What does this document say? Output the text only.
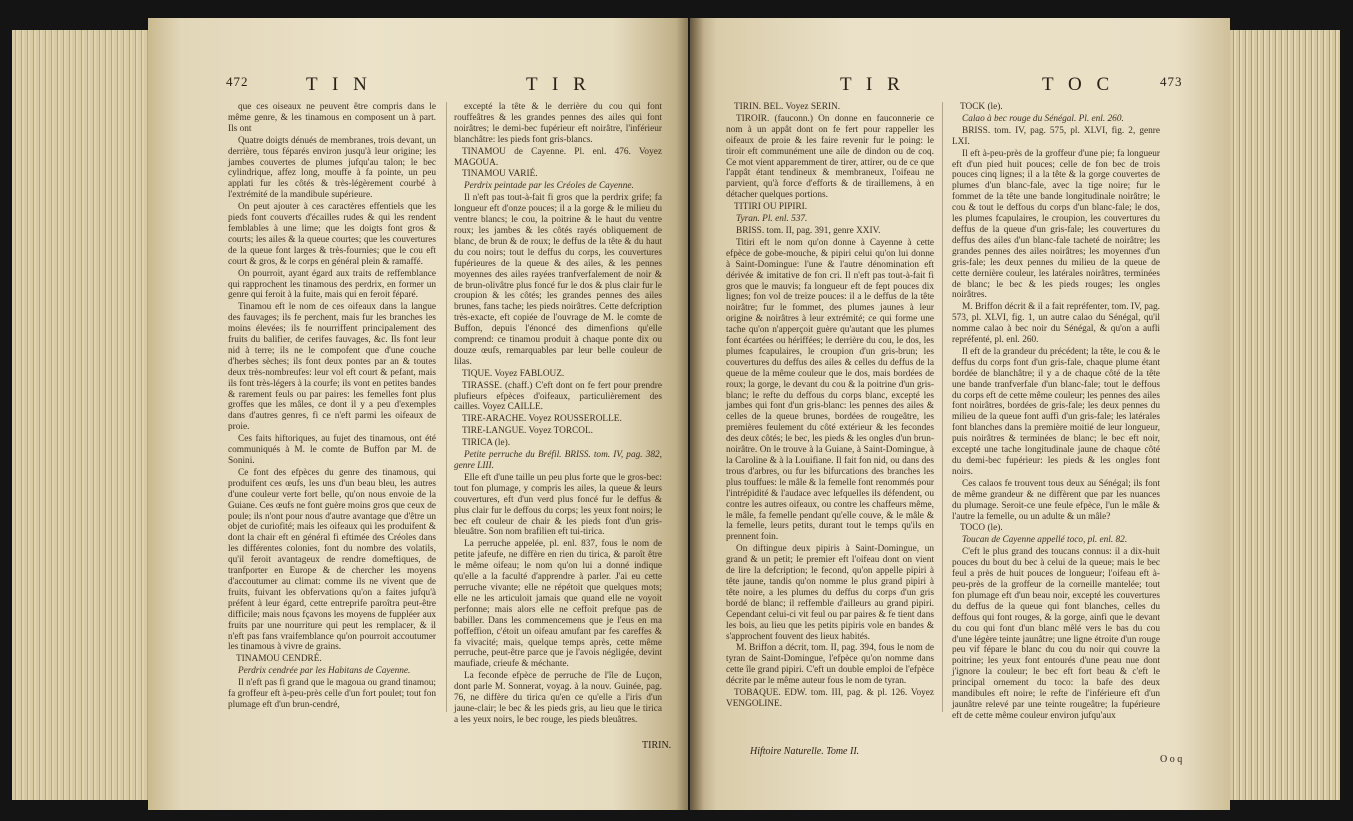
472	T I N	T I R

que ces oiseaux ne peuvent être compris dans le même genre, & les tinamous en composent un à part. Ils ont

Quatre doigts dénués de membranes, trois devant, un derrière, tous féparés environ jusqu'à leur origine; les jambes couvertes de plumes jufqu'au talon; le bec cylindrique, affez long, mouffe à fa pointe, un peu applati fur les côtés & très-légèrement courbé à l'extrémité de la mandibule supérieure.

On peut ajouter à ces caractères effentiels que les pieds font couverts d'écailles rudes & qui les rendent femblables à une lime; que les doigts font gros & courts; les ailes & la queue courtes; que les couvertures de la queue font larges & très-fournies; que le cou eft court & gros, & le corps en général plein & ramaffé.

On pourroit, ayant égard aux traits de reffemblance qui rapprochent les tinamous des perdrix, en former un genre qui feroit à la fuite, mais qui en feroit féparé.

Tinamou eft le nom de ces oifeaux dans la langue des fauvages; ils fe perchent, mais fur les branches les moins élevées; ils fe nourriffent principalement des fruits du balifier, de cerifes fauvages, &c. Ils font leur nid à terre; ils ne le compofent que d'une couche d'herbes sèches; ils font deux pontes par an & toutes deux très-nombreufes: leur vol eft court & pefant, mais ils font très-légers à la courfe; ils vont en petites bandes & rarement feuls ou par paires: les femelles font plus groffes que les mâles, ce dont il y a peu d'exemples dans d'autres genres, fi ce n'eft parmi les oifeaux de proie.

Ces faits hiftoriques, au fujet des tinamous, ont été communiqués à M. le comte de Buffon par M. de Sonini.

Ce font des efpèces du genre des tinamous, qui produifent ces œufs, les uns d'un beau bleu, les autres d'une couleur verte fort belle, qu'on nous envoie de la Guiane. Ces œufs ne font guère moins gros que ceux de poule; ils n'ont pour nous d'autre avantage que d'être un objet de curiofité; mais les oifeaux qui les produifent & dont la chair eft en général fi eftimée des Créoles dans les différentes colonies, font du nombre des volatils, qu'il feroit avantageux de rendre domeftiques, de tranfporter en Europe & de chercher les moyens d'accoutumer au climat: comme ils ne vivent que de fruits, fuivant les obfervations qu'on a faites jufqu'à préfent à leur égard, cette entreprife paroîtra peut-être difficile; mais nous fçavons les moyens de fuppléer aux fruits par une nourriture qui peut les remplacer, & il n'eft pas fans vraifemblance qu'on pourroit accoutumer les tinamous à vivre de grains.

TINAMOU CENDRÉ.

Perdrix cendrée par les Habitans de Cayenne.

Il n'eft pas fi grand que le magoua ou grand tinamou; fa groffeur eft à-peu-près celle d'un fort poulet; tout fon plumage eft d'un brun-cendré,

excepté la tête & le derrière du cou qui font rouffeâtres & les grandes pennes des ailes qui font noirâtres; le demi-bec fupérieur eft noirâtre, l'inférieur blanchâtre: les pieds font gris-blancs.

TINAMOU de Cayenne. Pl. enl. 476. Voyez MAGOUA.

TINAMOU VARIÉ.

Perdrix peintade par les Créoles de Cayenne.

Il n'eft pas tout-à-fait fi gros que la perdrix grife; fa longueur eft d'onze pouces; il a la gorge & le milieu du ventre blancs; le cou, la poitrine & le haut du ventre roux; les jambes & les côtés rayés obliquement de blanc, de brun & de roux; le deffus de la tête & du haut du cou noirs; tout le deffus du corps, les couvertures fupérieures de la queue & des ailes, & les pennes moyennes des ailes rayées tranfverfalement de noir & de brun-olivâtre plus foncé fur le dos & plus clair fur le croupion & les côtés; les grandes pennes des ailes brunes, fans tache; les pieds noirâtres. Cette defcription très-exacte, eft copiée de l'ouvrage de M. le comte de Buffon, depuis l'énoncé des dimenfions qu'elle comprend: ce tinamou produit à chaque ponte dix ou douze œufs, remarquables par leur belle couleur de lilas.

TIQUE. Voyez FABLOUZ.

TIRASSE. (chaff.) C'eft dont on fe fert pour prendre plufieurs efpèces d'oifeaux, particulièrement des cailles. Voyez CAILLE.

TIRE-ARACHE. Voyez ROUSSEROLLE.

TIRE-LANGUE. Voyez TORCOL.

TIRICA (le).

Petite perruche du Bréfil. BRISS. tom. IV, pag. 382, genre LIII.

Elle eft d'une taille un peu plus forte que le gros-bec: tout fon plumage, y compris les ailes, la queue & leurs couvertures, eft d'un verd plus foncé fur le deffus & plus clair fur le deffous du corps; les yeux font noirs; le bec eft couleur de chair & les pieds font d'un gris-bleuâtre. Son nom brafilien eft tui-tirica.

La perruche appelée, pl. enl. 837, fous le nom de petite jafeufe, ne diffère en rien du tirica, & paroît être le même oifeau; le nom qu'on lui a donné indique qu'elle a la faculté d'apprendre à parler. J'ai eu cette perruche vivante; elle ne répétoit que quelques mots; elle ne les articuloit jamais que quand elle ne voyoit perfonne; mais alors elle ne ceffoit prefque pas de babiller. Dans les commencemens que je l'eus en ma poffeffion, c'étoit un oifeau amufant par fes careffes & fa vivacité; mais, quelque temps après, cette même perruche, peut-être parce que je l'avois négligée, devint maufiade, crieufe & méchante.

La feconde efpèce de perruche de l'île de Luçon, dont parle M. Sonnerat, voyag. à la nouv. Guinée, pag. 76, ne diffère du tirica qu'en ce qu'elle a l'iris d'un jaune-clair; le bec & les pieds gris, au lieu que le tirica a les yeux noirs, le bec rouge, les pieds bleuâtres.

TIRIN.
T I R	T O C	473

TIRIN. BEL. Voyez SERIN.

TIROIR. (fauconn.) On donne en fauconnerie ce nom à un appât dont on fe fert pour rappeller les oifeaux de proie & les faire revenir fur le poing: le tiroir eft communément une aile de dindon ou de coq. Ce mot vient apparemment de tirer, attirer, ou de ce que l'appât étant tendineux & membraneux, l'oifeau ne parvient, qu'à force d'efforts & de tiraillemens, à en détacher quelques portions.

TITIRI OU PIPIRI.

Tyran. Pl. enl. 537.

BRISS. tom. II, pag. 391, genre XXIV.

Titiri eft le nom qu'on donne à Cayenne à cette efpèce de gobe-mouche, & pipiri celui qu'on lui donne à Saint-Domingue: l'une & l'autre dénomination eft dérivée & imitative de fon cri. Il n'eft pas tout-à-fait fi gros que le mauvis; fa longueur eft de fept pouces dix lignes; fon vol de treize pouces: il a le deffus de la tête noirâtre; fur le fommet, des plumes jaunes à leur origine & noirâtres à leur extrémité; ce qui forme une tache qu'on n'apperçoit guère qu'autant que les plumes font écartées ou hériffées; le derrière du cou, le dos, les plumes fcapulaires, le croupion d'un gris-brun; les couvertures du deffus des ailes & celles du deffus de la queue de la même couleur que le dos, mais bordées de roux; la gorge, le devant du cou & la poitrine d'un gris-blanc; le refte du deffous du corps blanc, excepté les jambes qui font d'un gris-blanc: les pennes des ailes & celles de la queue brunes, bordées de rougeâtre, les premières feulement du côté extérieur & les fecondes des deux côtés; le bec, les pieds & les ongles d'un brun-noirâtre. On le trouve à la Guiane, à Saint-Domingue, à la Caroline & à la Louifiane. Il fait fon nid, ou dans des trous d'arbres, ou fur les bifurcations des branches les plus touffues: le mâle & la femelle font renommés pour l'intrépidité & l'audace avec lefquelles ils défendent, ou contre les autres oifeaux, ou contre les chaffeurs même, le mâle, fa femelle pendant qu'elle couve, & le mâle & la femelle, leurs petits, durant tout le temps qu'ils en prennent foin.

On diftingue deux pipiris à Saint-Domingue, un grand & un petit; le premier eft l'oifeau dont on vient de lire la defcription; le fecond, qu'on appelle pipiri à tête jaune, tandis qu'on nomme le plus grand pipiri à tête noire, a les plumes du deffus du corps d'un gris bordé de blanc; il reffemble d'ailleurs au grand pipiri. Cependant celui-ci vit feul ou par paires & fe tient dans les bois, au lieu que les petits pipiris vole en bandes & s'approchent fouvent des lieux habités.

M. Briffon a décrit, tom. II, pag. 394, fous le nom de tyran de Saint-Domingue, l'efpèce qu'on nomme dans cette île grand pipiri. C'eft un double emploi de l'efpèce décrite par le même auteur fous le nom de tyran.

TOBAQUE. EDW. tom. III, pag. & pl. 126. Voyez VENGOLINE.

TOCK (le).

Calao à bec rouge du Sénégal. Pl. enl. 260.

BRISS. tom. IV, pag. 575, pl. XLVI, fig. 2, genre LXI.

Il eft à-peu-près de la groffeur d'une pie; fa longueur eft d'un pied huit pouces; celle de fon bec de trois pouces cinq lignes; il a la tête & la gorge couvertes de plumes d'un blanc-fale, avec la tige noire; fur le fommet de la tête une bande longitudinale noirâtre; le cou & tout le deffous du corps d'un blanc-fale; le dos, les plumes fcapulaires, le croupion, les couvertures du deffus de la queue d'un gris-fale; les couvertures du deffus des ailes d'un blanc-fale tacheté de noirâtre; les grandes pennes des ailes noirâtres; les moyennes d'un gris-fale; les deux pennes du milieu de la queue de cette dernière couleur, les latérales noirâtres, terminées de blanc; le bec & les pieds rouges; les ongles noirâtres.

M. Briffon décrit & il a fait repréfenter, tom. IV, pag. 573, pl. XLVI, fig. 1, un autre calao du Sénégal, qu'il nomme calao à bec noir du Sénégal, & qu'on a aufli repréfenté, pl. enl. 260.

Il eft de la grandeur du précédent; la tête, le cou & le deffus du corps font d'un gris-fale, chaque plume étant bordée de blanchâtre; il y a de chaque côté de la tête une bande tranfverfale d'un blanc-fale; tout le deffous du corps eft de cette même couleur; les pennes des ailes font noirâtres, bordées de gris-fale; les deux pennes du milieu de la queue font auffi d'un gris-fale; les latérales font blanches dans la première moitié de leur longueur, puis noirâtres & terminées de blanc; le bec eft noir, excepté une tache longitudinale jaune de chaque côté du demi-bec fupérieur: les pieds & les ongles font noirs.

Ces calaos fe trouvent tous deux au Sénégal; ils font de même grandeur & ne diffèrent que par les nuances du plumage. Seroit-ce une feule efpèce, l'un le mâle & l'autre la femelle, ou un adulte & un mâle?

TOCO (le).

Toucan de Cayenne appellé toco, pl. enl. 82.

C'eft le plus grand des toucans connus: il a dix-huit pouces du bout du bec à celui de la queue; mais le bec feul a près de huit pouces de longueur; l'oifeau eft à-peu-près de la groffeur de la corneille mantelée; tout fon plumage eft d'un beau noir, excepté les couvertures du deffus de la queue qui font blanches, celles du deffous qui font rouges, & la gorge, ainfi que le devant du cou qui font d'un blanc mêlé vers le bas du cou d'une légère teinte jaunâtre; une ligne étroite d'un rouge peu vif fépare le blanc du cou du noir qui couvre la poitrine; les yeux font entourés d'une peau nue dont j'ignore la couleur; le bec eft fort beau & c'eft le principal ornement du toco: la bafe des deux mandibules eft noire; le refte de l'inférieure eft d'un jaunâtre relevé par une teinte rougeâtre; la fupérieure eft de cette même couleur environ jufqu'aux

Hiftoire Naturelle. Tome II.
O o q
